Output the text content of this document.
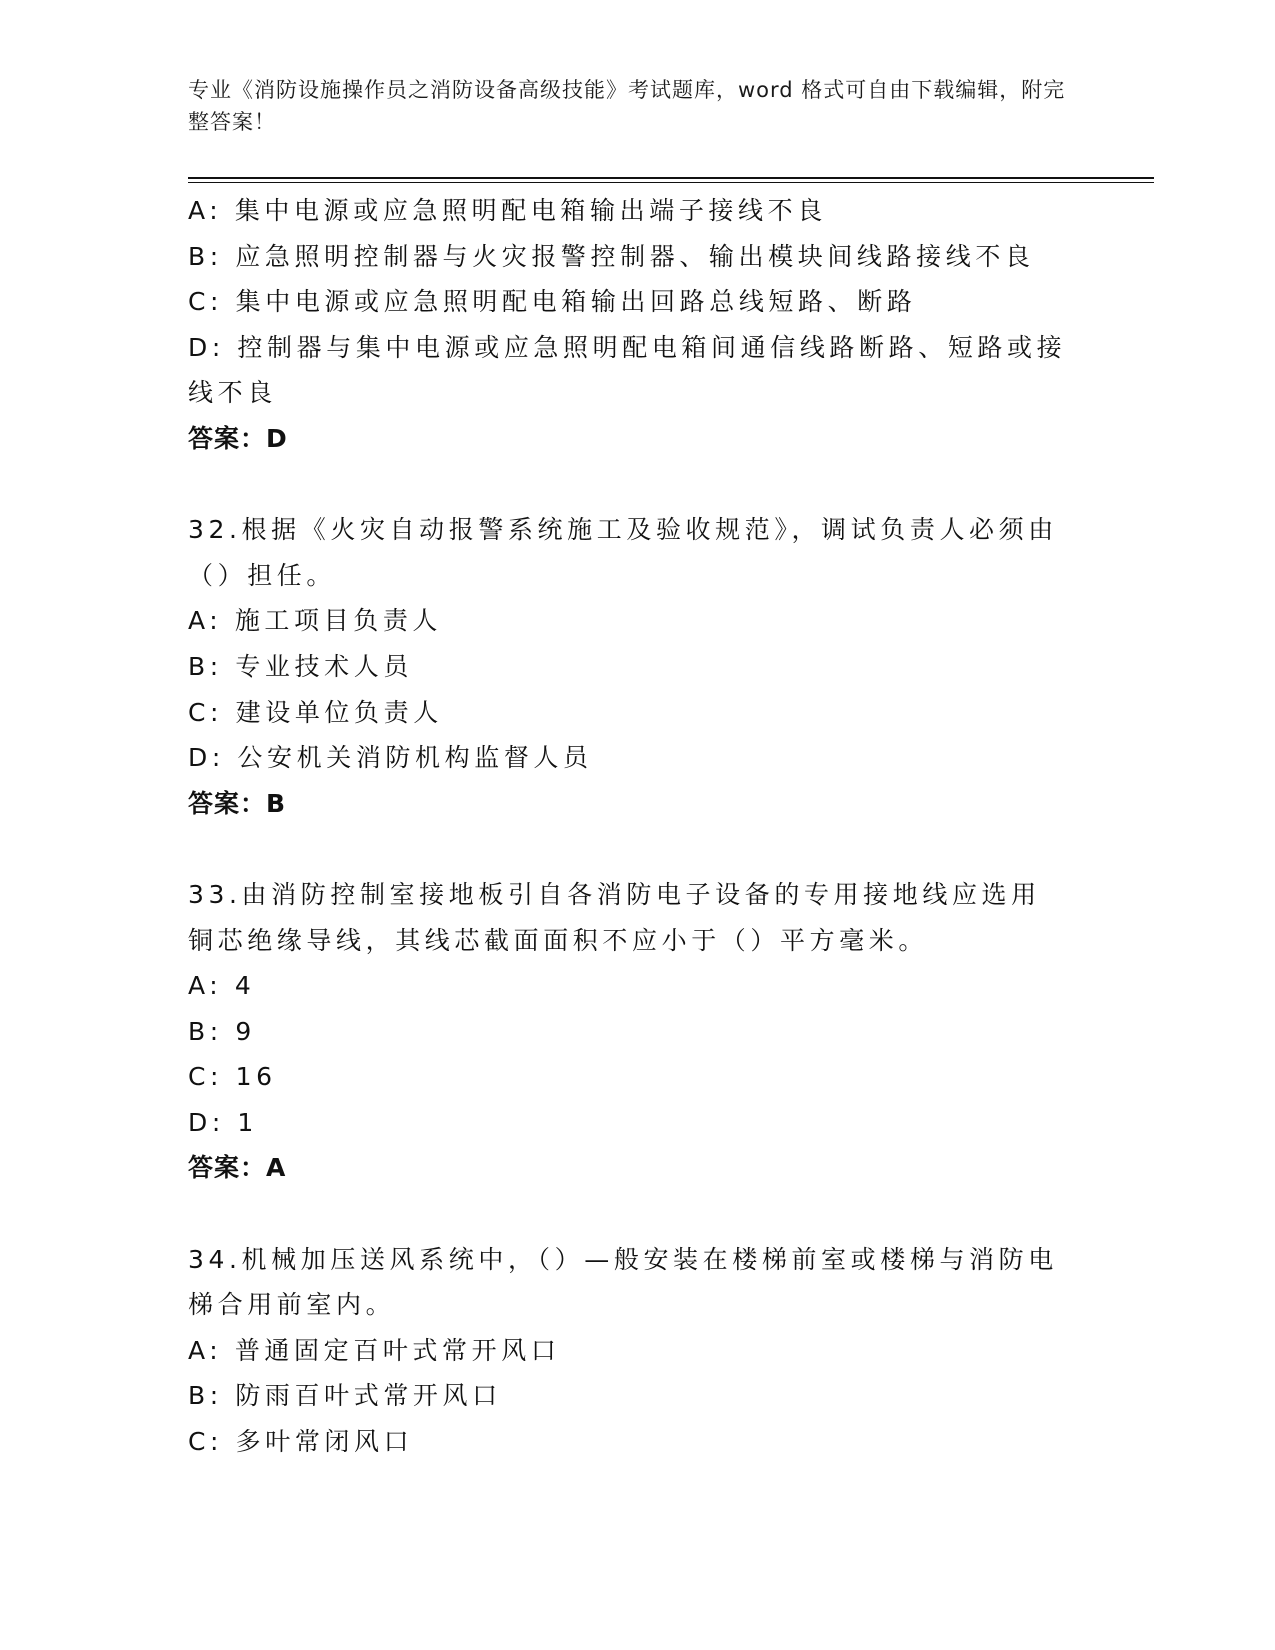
专业《消防设施操作员之消防设备高级技能》考试题库，word 格式可自由下载编辑，附完整答案！
A: 集中电源或应急照明配电箱输出端子接线不良
B: 应急照明控制器与火灾报警控制器、输出模块间线路接线不良
C: 集中电源或应急照明配电箱输出回路总线短路、断路
D: 控制器与集中电源或应急照明配电箱间通信线路断路、短路或接线不良
答案：D
32.根据《火灾自动报警系统施工及验收规范》，调试负责人必须由（）担任。
A: 施工项目负责人
B: 专业技术人员
C: 建设单位负责人
D: 公安机关消防机构监督人员
答案：B
33.由消防控制室接地板引自各消防电子设备的专用接地线应选用铜芯绝缘导线，其线芯截面面积不应小于（）平方毫米。
A: 4
B: 9
C: 16
D: 1
答案：A
34.机械加压送风系统中，（）—般安装在楼梯前室或楼梯与消防电梯合用前室内。
A: 普通固定百叶式常开风口
B: 防雨百叶式常开风口
C: 多叶常闭风口
